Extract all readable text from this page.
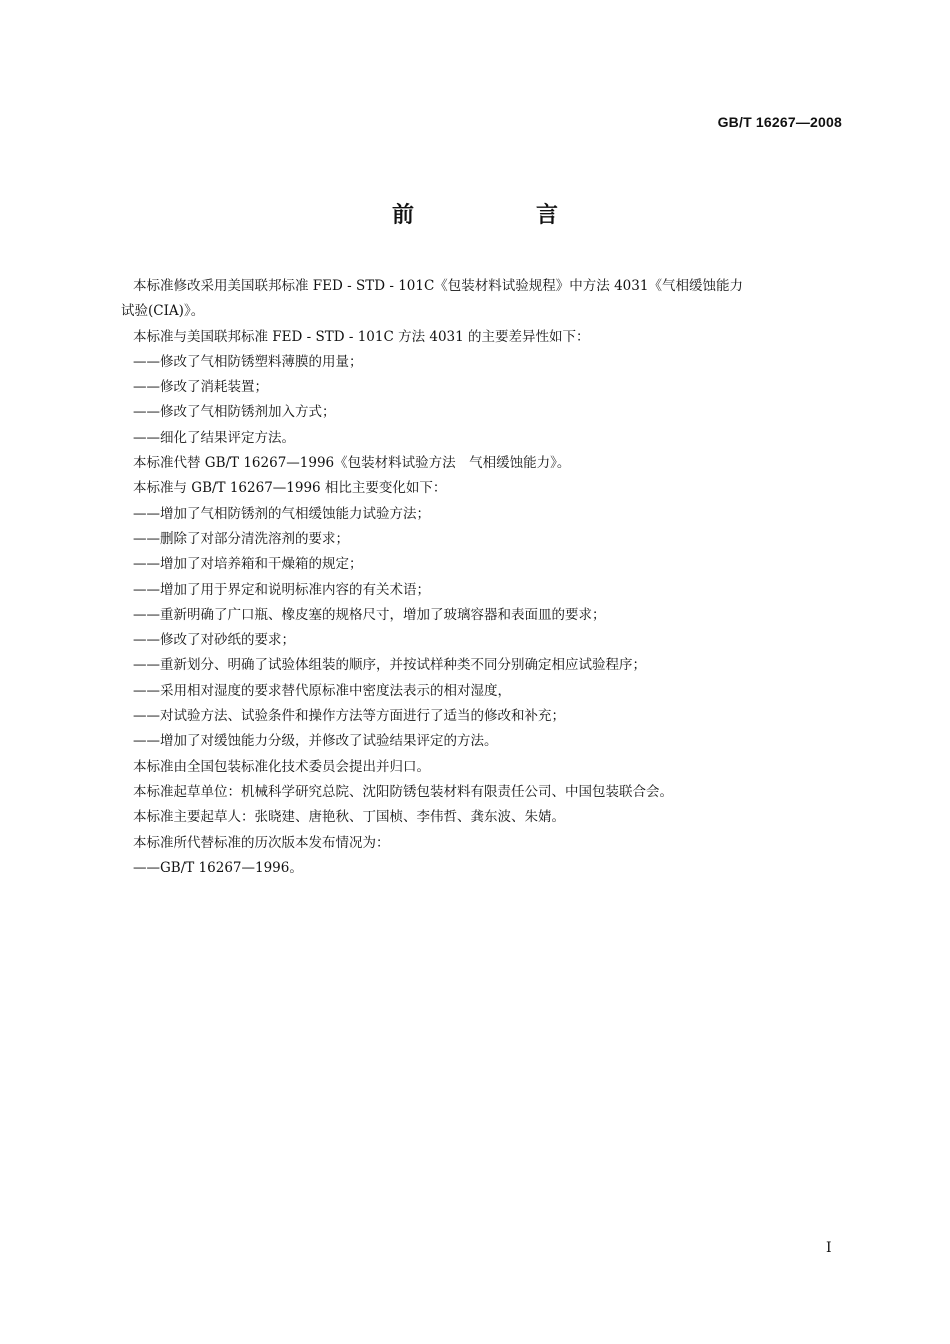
GB/T 16267—2008
前　言

本标准修改采用美国联邦标准 FED - STD - 101C《包装材料试验规程》中方法 4031《气相缓蚀能力

试验(CIA)》。

本标准与美国联邦标准 FED - STD - 101C 方法 4031 的主要差异性如下：

——修改了气相防锈塑料薄膜的用量；

——修改了消耗装置；

——修改了气相防锈剂加入方式；

——细化了结果评定方法。

本标准代替 GB/T 16267—1996《包装材料试验方法　气相缓蚀能力》。

本标准与 GB/T 16267—1996 相比主要变化如下：

——增加了气相防锈剂的气相缓蚀能力试验方法；

——删除了对部分清洗溶剂的要求；

——增加了对培养箱和干燥箱的规定；

——增加了用于界定和说明标准内容的有关术语；

——重新明确了广口瓶、橡皮塞的规格尺寸，增加了玻璃容器和表面皿的要求；

——修改了对砂纸的要求；

——重新划分、明确了试验体组装的顺序，并按试样种类不同分别确定相应试验程序；

——采用相对湿度的要求替代原标准中密度法表示的相对湿度，

——对试验方法、试验条件和操作方法等方面进行了适当的修改和补充；

——增加了对缓蚀能力分级，并修改了试验结果评定的方法。

本标准由全国包装标准化技术委员会提出并归口。

本标准起草单位：机械科学研究总院、沈阳防锈包装材料有限责任公司、中国包装联合会。

本标准主要起草人：张晓建、唐艳秋、丁国桢、李伟哲、龚东波、朱婧。

本标准所代替标准的历次版本发布情况为：

——GB/T 16267—1996。

I
